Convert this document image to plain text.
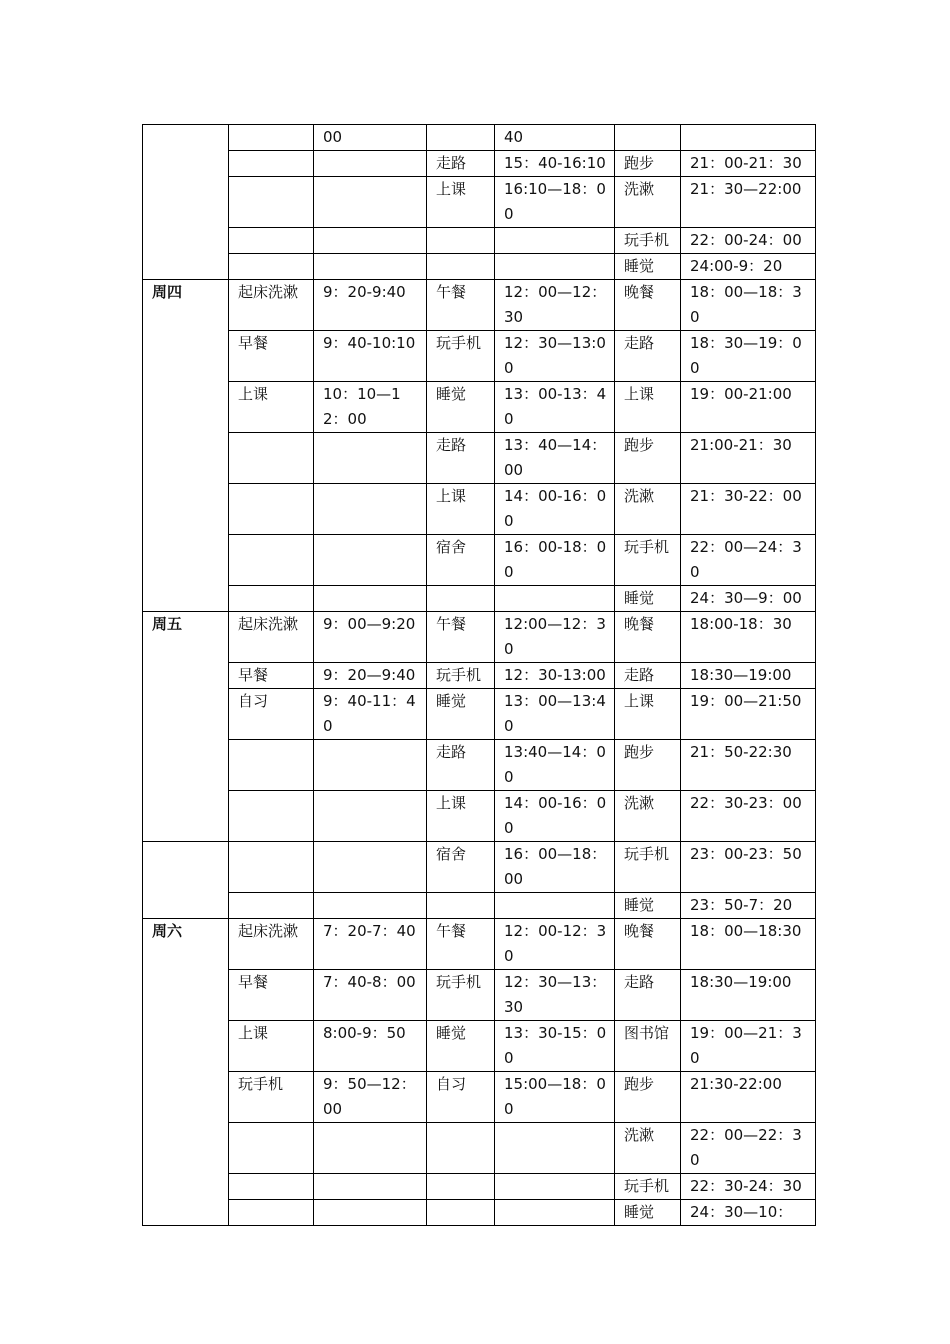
		00		40		
			走路	15：40-16:10	跑步	21：00-21：30
			上课	16:10—18：00	洗漱	21：30—22:00
					玩手机	22：00-24：00
					睡觉	24:00-9：20
周四	起床洗漱	9：20-9:40	午餐	12：00—12：30	晚餐	18：00—18：30
	早餐	9：40-10:10	玩手机	12：30—13:00	走路	18：30—19：00
	上课	10：10—12：00	睡觉	13：00-13：40	上课	19：00-21:00
			走路	13：40—14：00	跑步	21:00-21：30
			上课	14：00-16：00	洗漱	21：30-22：00
			宿舍	16：00-18：00	玩手机	22：00—24：30
					睡觉	24：30—9：00
周五	起床洗漱	9：00—9:20	午餐	12:00—12：30	晚餐	18:00-18：30
	早餐	9：20—9:40	玩手机	12：30-13:00	走路	18:30—19:00
	自习	9：40-11：40	睡觉	13：00—13:40	上课	19：00—21:50
			走路	13:40—14：00	跑步	21：50-22:30
			上课	14：00-16：00	洗漱	22：30-23：00
			宿舍	16：00—18：00	玩手机	23：00-23：50
					睡觉	23：50-7：20
周六	起床洗漱	7：20-7：40	午餐	12：00-12：30	晚餐	18：00—18:30
	早餐	7：40-8：00	玩手机	12：30—13：30	走路	18:30—19:00
	上课	8:00-9：50	睡觉	13：30-15：00	图书馆	19：00—21：30
	玩手机	9：50—12：00	自习	15:00—18：00	跑步	21:30-22:00
					洗漱	22：00—22：30
					玩手机	22：30-24：30
					睡觉	24：30—10：
